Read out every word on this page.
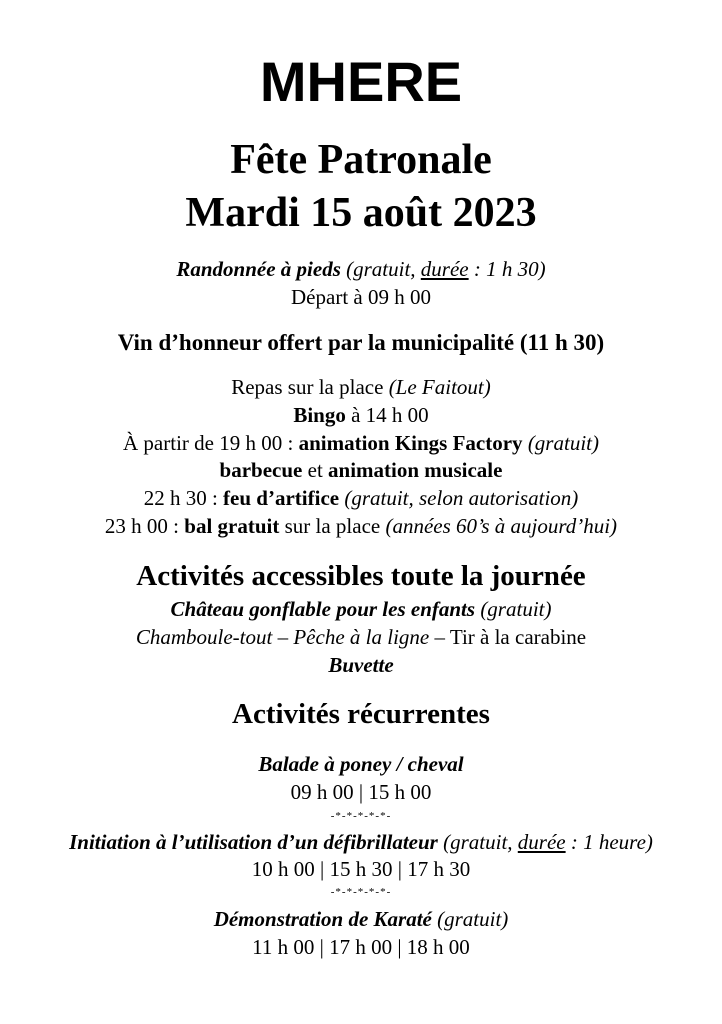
MHERE
Fête Patronale
Mardi 15 août 2023
Randonnée à pieds (gratuit, durée : 1 h 30)
Départ à 09 h 00
Vin d’honneur offert par la municipalité (11 h 30)
Repas sur la place (Le Faitout)
Bingo à 14 h 00
À partir de 19 h 00 : animation Kings Factory (gratuit)
barbecue et animation musicale
22 h 30 : feu d’artifice (gratuit, selon autorisation)
23 h 00 : bal gratuit sur la place (années 60’s à aujourd’hui)
Activités accessibles toute la journée
Château gonflable pour les enfants (gratuit)
Chamboule-tout – Pêche à la ligne – Tir à la carabine
Buvette
Activités récurrentes
Balade à poney / cheval
09 h 00 | 15 h 00
-*-*-*-*-*-
Initiation à l’utilisation d’un défibrillateur (gratuit, durée : 1 heure)
10 h 00 | 15 h 30 | 17 h 30
-*-*-*-*-*-
Démonstration de Karaté (gratuit)
11 h 00 | 17 h 00 | 18 h 00
